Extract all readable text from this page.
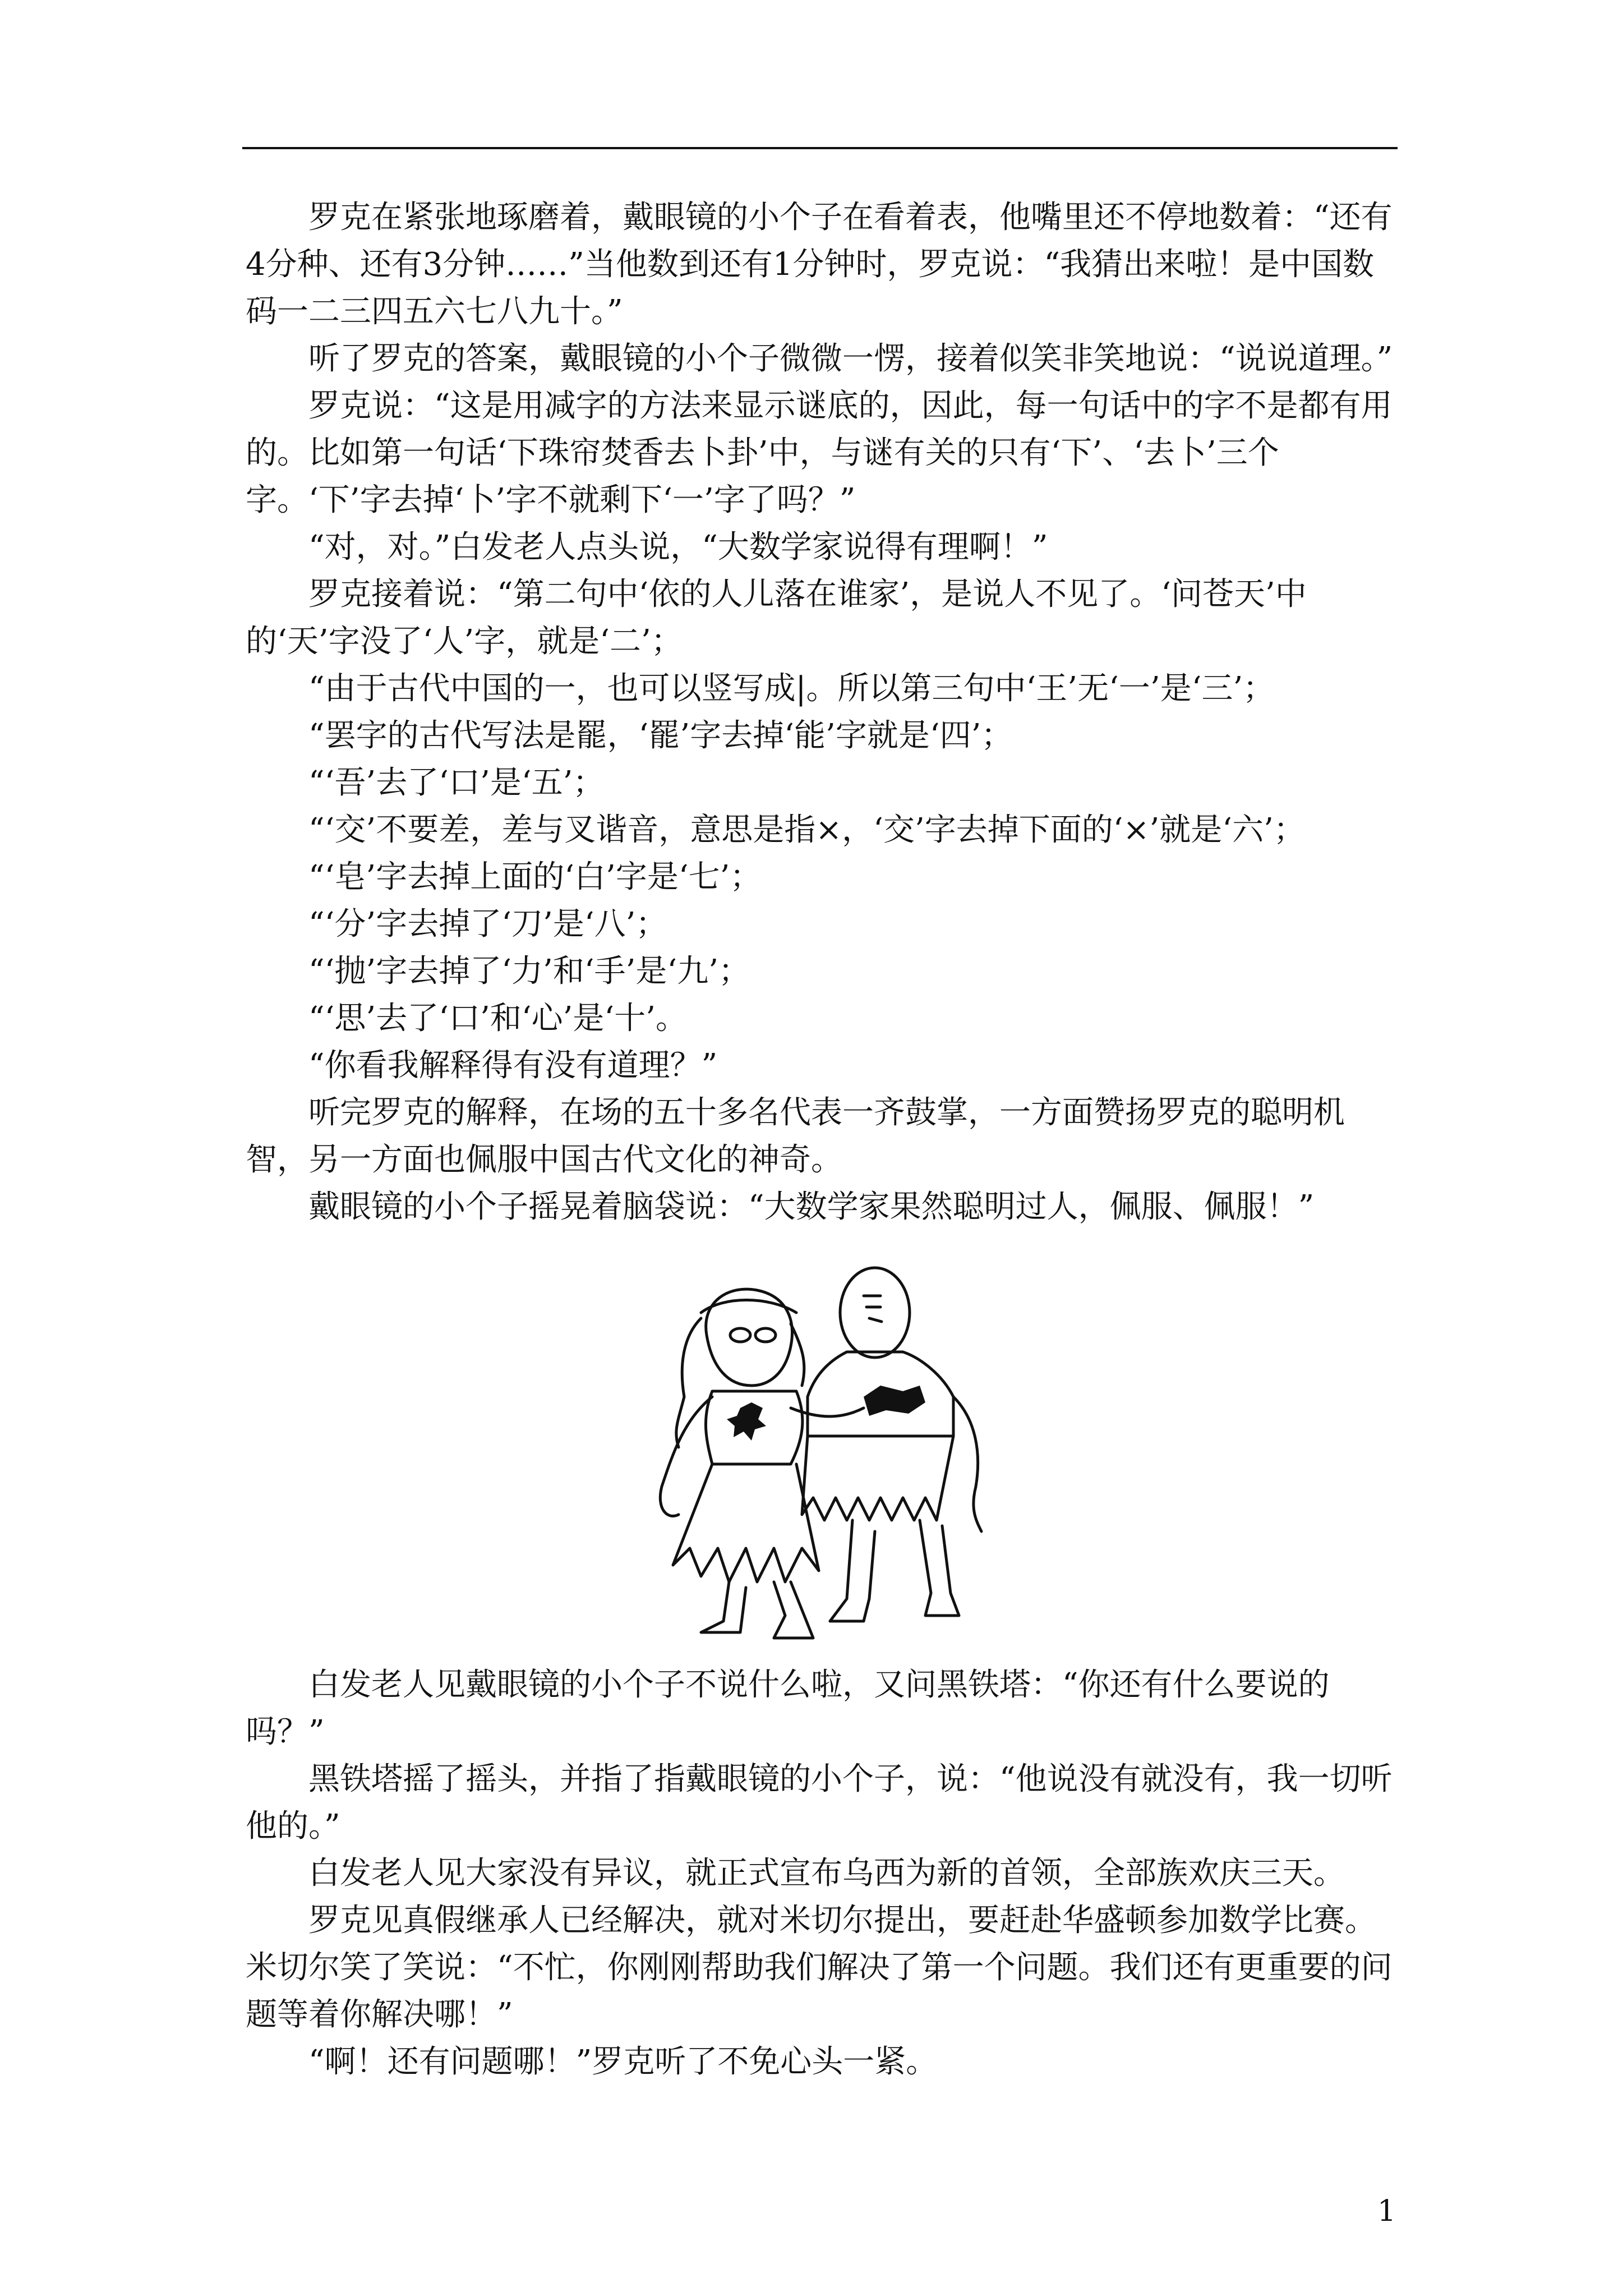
罗克在紧张地琢磨着，戴眼镜的小个子在看着表，他嘴里还不停地数着：“还有4分种、还有3分钟……”当他数到还有1分钟时，罗克说：“我猜出来啦！是中国数码一二三四五六七八九十。”

听了罗克的答案，戴眼镜的小个子微微一愣，接着似笑非笑地说：“说说道理。”

罗克说：“这是用减字的方法来显示谜底的，因此，每一句话中的字不是都有用的。比如第一句话‘下珠帘焚香去卜卦’中，与谜有关的只有‘下’、‘去卜’三个字。‘下’字去掉‘卜’字不就剩下‘一’字了吗？”

“对，对。”白发老人点头说，“大数学家说得有理啊！”

罗克接着说：“第二句中‘依的人儿落在谁家’，是说人不见了。‘问苍天’中的‘天’字没了‘人’字，就是‘二’；

“由于古代中国的一，也可以竖写成|。所以第三句中‘王’无‘一’是‘三’；

“罢字的古代写法是罷，‘罷’字去掉‘能’字就是‘四’；

“‘吾’去了‘口’是‘五’；

“‘交’不要差，差与叉谐音，意思是指×，‘交’字去掉下面的‘×’就是‘六’；

“‘皂’字去掉上面的‘白’字是‘七’；

“‘分’字去掉了‘刀’是‘八’；

“‘抛’字去掉了‘力’和‘手’是‘九’；

“‘思’去了‘口’和‘心’是‘十’。

“你看我解释得有没有道理？”

听完罗克的解释，在场的五十多名代表一齐鼓掌，一方面赞扬罗克的聪明机智，另一方面也佩服中国古代文化的神奇。

戴眼镜的小个子摇晃着脑袋说：“大数学家果然聪明过人，佩服、佩服！”

白发老人见戴眼镜的小个子不说什么啦，又问黑铁塔：“你还有什么要说的吗？”

黑铁塔摇了摇头，并指了指戴眼镜的小个子，说：“他说没有就没有，我一切听他的。”

白发老人见大家没有异议，就正式宣布乌西为新的首领，全部族欢庆三天。

罗克见真假继承人已经解决，就对米切尔提出，要赶赴华盛顿参加数学比赛。米切尔笑了笑说：“不忙，你刚刚帮助我们解决了第一个问题。我们还有更重要的问题等着你解决哪！”

“啊！还有问题哪！”罗克听了不免心头一紧。

1
